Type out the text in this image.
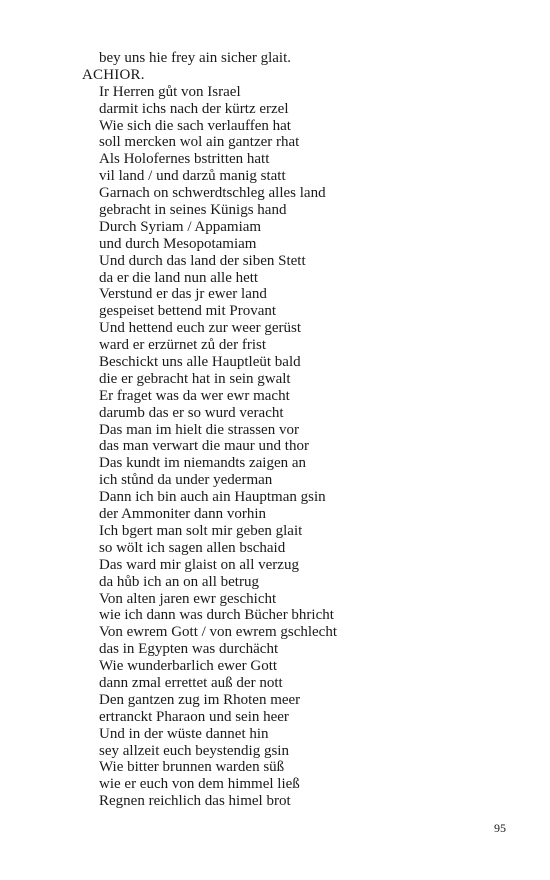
bey uns hie frey ain sicher glait.
ACHIOR.
Ir Herren gůt von Israel
darmit ichs nach der kürtz erzel
Wie sich die sach verlauffen hat
soll mercken wol ain gantzer rhat
Als Holofernes bstritten hatt
vil land / und darzů manig statt
Garnach on schwerdtschleg alles land
gebracht in seines Künigs hand
Durch Syriam / Appamiam
und durch Mesopotamiam
Und durch das land der siben Stett
da er die land nun alle hett
Verstund er das jr ewer land
gespeiset bettend mit Provant
Und hettend euch zur weer gerüst
ward er erzürnet zů der frist
Beschickt uns alle Hauptleüt bald
die er gebracht hat in sein gwalt
Er fraget was da wer ewr macht
darumb das er so wurd veracht
Das man im hielt die strassen vor
das man verwart die maur und thor
Das kundt im niemandts zaigen an
ich stůnd da under yederman
Dann ich bin auch ain Hauptman gsin
der Ammoniter dann vorhin
Ich bgert man solt mir geben glait
so wölt ich sagen allen bschaid
Das ward mir glaist on all verzug
da hůb ich an on all betrug
Von alten jaren ewr geschicht
wie ich dann was durch Bücher bhricht
Von ewrem Gott / von ewrem gschlecht
das in Egypten was durchächt
Wie wunderbarlich ewer Gott
dann zmal errettet auß der nott
Den gantzen zug im Rhoten meer
ertranckt Pharaon und sein heer
Und in der wüste dannet hin
sey allzeit euch beystendig gsin
Wie bitter brunnen warden süß
wie er euch von dem himmel ließ
Regnen reichlich das himel brot
95
